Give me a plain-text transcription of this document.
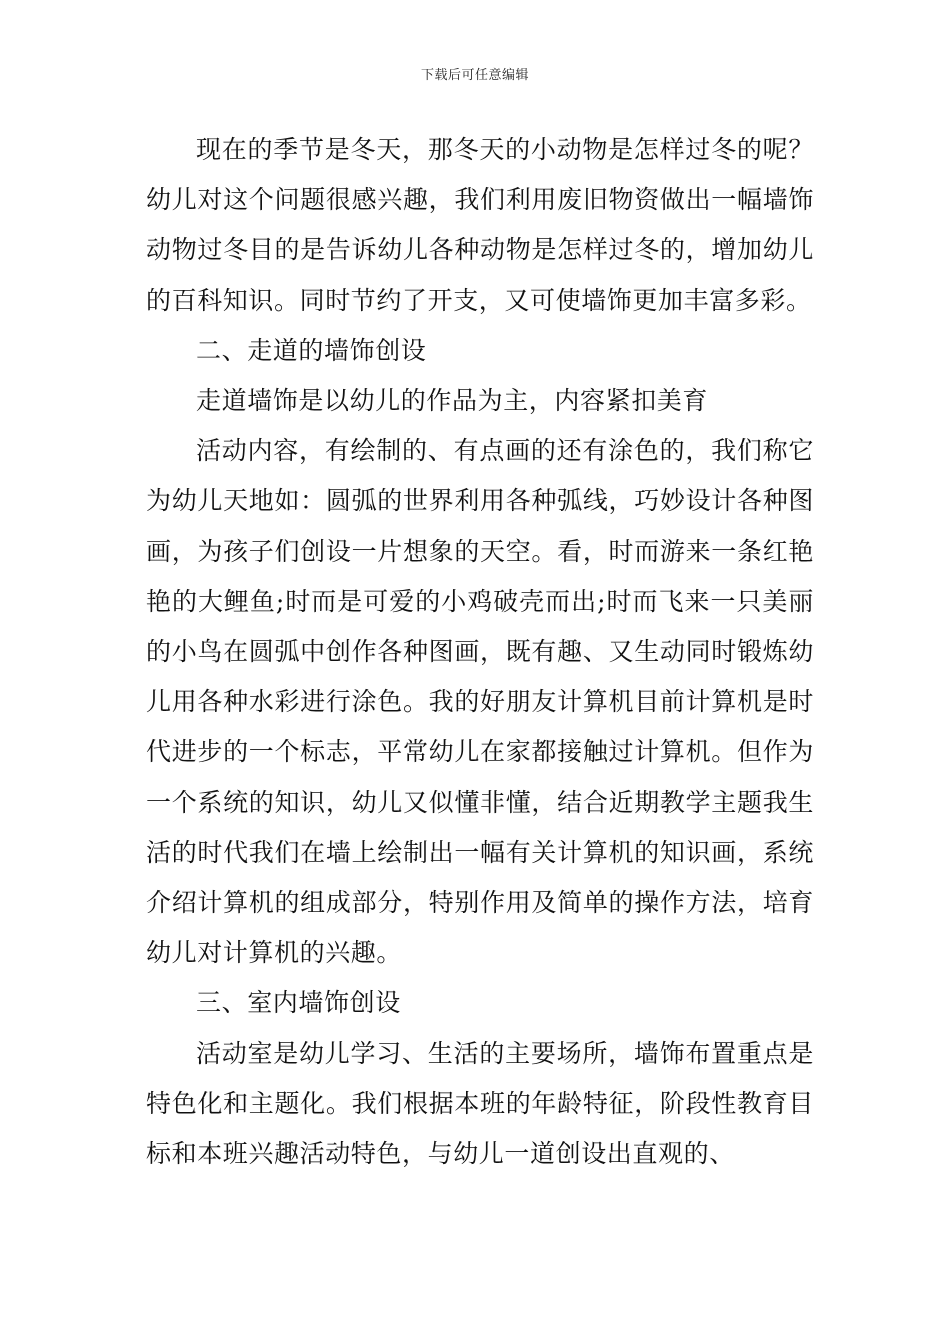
下载后可任意编辑

现在的季节是冬天，那冬天的小动物是怎样过冬的呢？幼儿对这个问题很感兴趣，我们利用废旧物资做出一幅墙饰动物过冬目的是告诉幼儿各种动物是怎样过冬的，增加幼儿的百科知识。同时节约了开支，又可使墙饰更加丰富多彩。

二、走道的墙饰创设

走道墙饰是以幼儿的作品为主，内容紧扣美育

活动内容，有绘制的、有点画的还有涂色的，我们称它为幼儿天地如：圆弧的世界利用各种弧线，巧妙设计各种图画，为孩子们创设一片想象的天空。看，时而游来一条红艳艳的大鲤鱼;时而是可爱的小鸡破壳而出;时而飞来一只美丽的小鸟在圆弧中创作各种图画，既有趣、又生动同时锻炼幼儿用各种水彩进行涂色。我的好朋友计算机目前计算机是时代进步的一个标志，平常幼儿在家都接触过计算机。但作为一个系统的知识，幼儿又似懂非懂，结合近期教学主题我生活的时代我们在墙上绘制出一幅有关计算机的知识画，系统介绍计算机的组成部分，特别作用及简单的操作方法，培育幼儿对计算机的兴趣。

三、室内墙饰创设

活动室是幼儿学习、生活的主要场所，墙饰布置重点是特色化和主题化。我们根据本班的年龄特征，阶段性教育目标和本班兴趣活动特色，与幼儿一道创设出直观的、
